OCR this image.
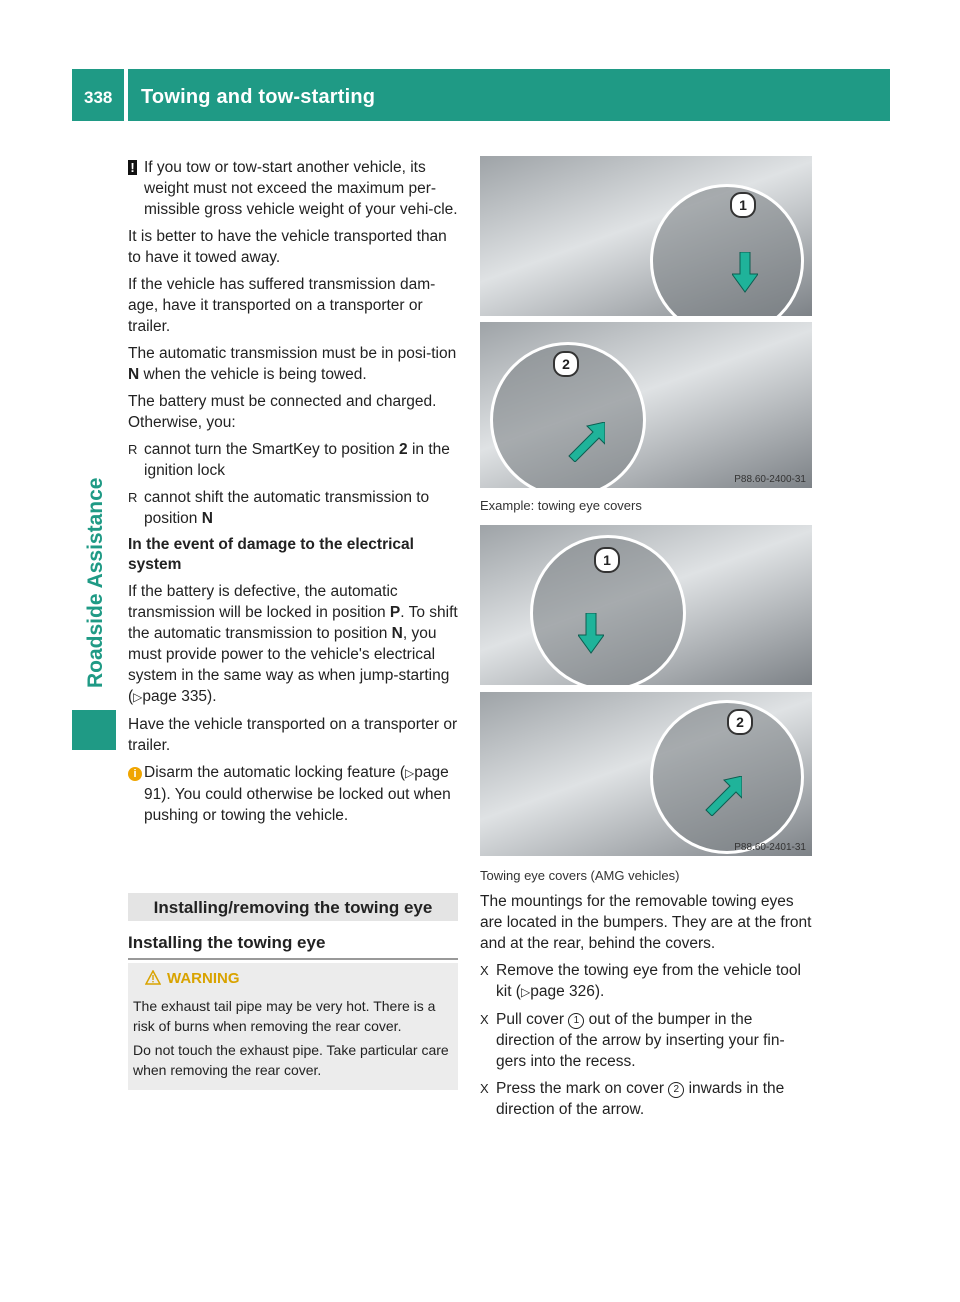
338 Towing and tow-starting
Roadside Assistance

! If you tow or tow-start another vehicle, its weight must not exceed the maximum per-missible gross vehicle weight of your vehi-cle.

It is better to have the vehicle transported than to have it towed away.

If the vehicle has suffered transmission dam-age, have it transported on a transporter or trailer.

The automatic transmission must be in posi-tion N when the vehicle is being towed.

The battery must be connected and charged. Otherwise, you:

R cannot turn the SmartKey to position 2 in the ignition lock

R cannot shift the automatic transmission to position N

In the event of damage to the electrical system

If the battery is defective, the automatic transmission will be locked in position P. To shift the automatic transmission to position N, you must provide power to the vehicle's electrical system in the same way as when jump-starting (▷page 335).

Have the vehicle transported on a transporter or trailer.

i Disarm the automatic locking feature (▷page 91). You could otherwise be locked out when pushing or towing the vehicle.

Installing/removing the towing eye
Installing the towing eye
WARNING

The exhaust tail pipe may be very hot. There is a risk of burns when removing the rear cover.

Do not touch the exhaust pipe. Take particular care when removing the rear cover.

1
2
P88.60-2400-31
Example: towing eye covers
1
2
P88.60-2401-31
Towing eye covers (AMG vehicles)

The mountings for the removable towing eyes are located in the bumpers. They are at the front and at the rear, behind the covers.

X Remove the towing eye from the vehicle tool kit (▷page 326).

X Pull cover 1 out of the bumper in the direction of the arrow by inserting your fin-gers into the recess.

X Press the mark on cover 2 inwards in the direction of the arrow.
